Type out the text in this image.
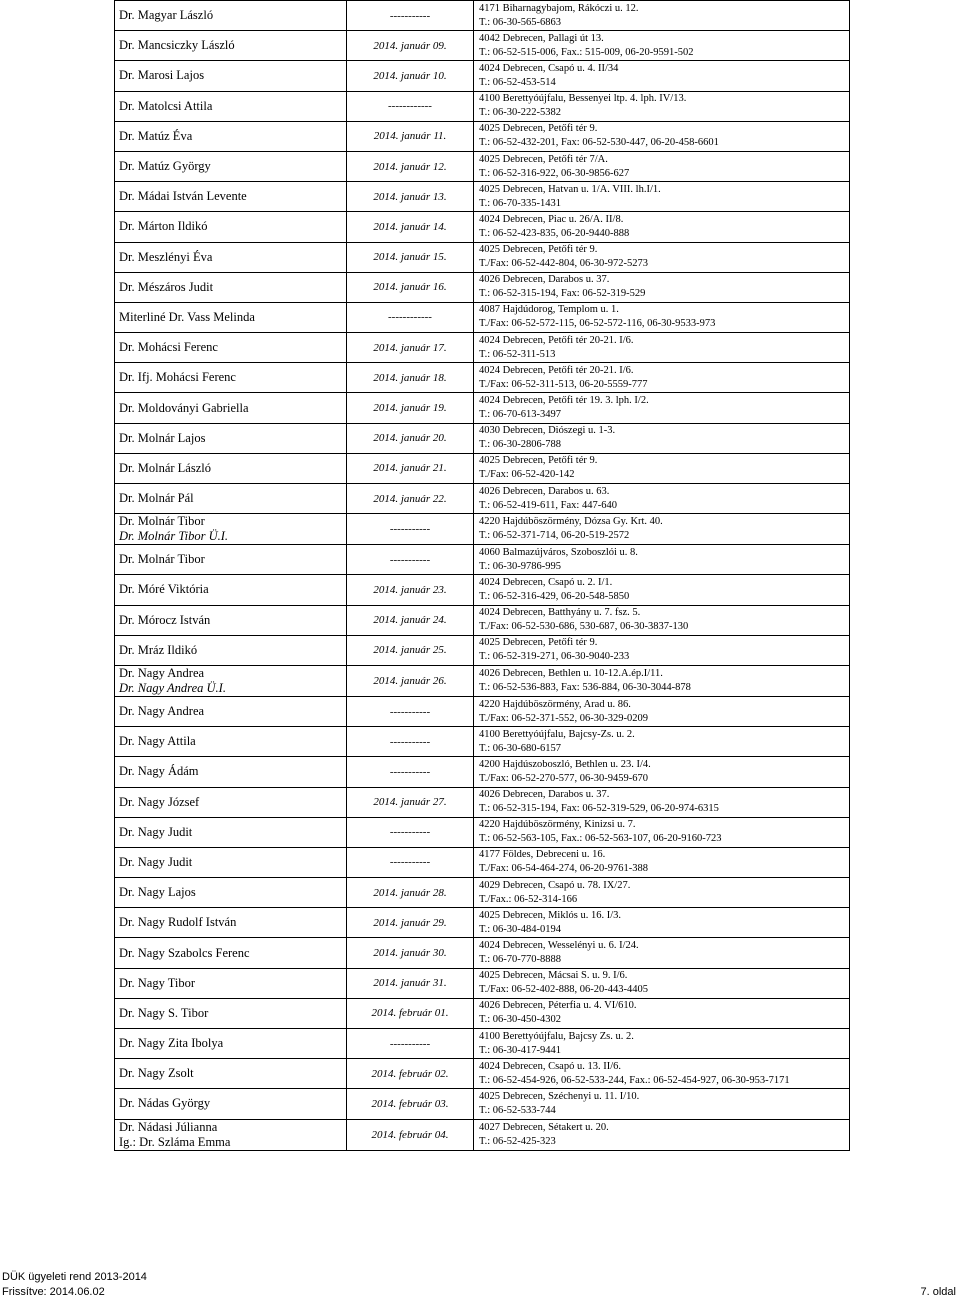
Dr. Magyar László	-----------	4171 Biharnagybajom, Rákóczi u. 12.
T.: 06-30-565-6863

Dr. Mancsiczky László	2014. január 09.	4042 Debrecen, Pallagi út 13.
T.: 06-52-515-006, Fax.: 515-009, 06-20-9591-502

Dr. Marosi Lajos	2014. január 10.	4024 Debrecen, Csapó u. 4. II/34
T.: 06-52-453-514

Dr. Matolcsi Attila	------------	4100 Berettyóújfalu, Bessenyei ltp. 4. lph. IV/13.
T.: 06-30-222-5382

Dr. Matúz Éva	2014. január 11.	4025 Debrecen, Petőfi tér 9.
T.: 06-52-432-201, Fax: 06-52-530-447, 06-20-458-6601

Dr. Matúz György	2014. január 12.	4025 Debrecen, Petőfi tér 7/A.
T.: 06-52-316-922, 06-30-9856-627

Dr. Mádai István Levente	2014. január 13.	4025 Debrecen, Hatvan u. 1/A. VIII. lh.I/1.
T.: 06-70-335-1431

Dr. Márton Ildikó	2014. január 14.	4024 Debrecen, Piac u. 26/A. II/8.
T.: 06-52-423-835, 06-20-9440-888

Dr. Meszlényi Éva	2014. január 15.	4025 Debrecen, Petőfi tér 9.
T./Fax: 06-52-442-804, 06-30-972-5273

Dr. Mészáros Judit	2014. január 16.	4026 Debrecen, Darabos u. 37.
T.: 06-52-315-194, Fax: 06-52-319-529

Miterliné Dr. Vass Melinda	------------	4087 Hajdúdorog, Templom u. 1.
T./Fax: 06-52-572-115, 06-52-572-116, 06-30-9533-973

Dr. Mohácsi Ferenc	2014. január 17.	4024 Debrecen, Petőfi tér 20-21. I/6.
T.: 06-52-311-513

Dr. Ifj. Mohácsi Ferenc	2014. január 18.	4024 Debrecen, Petőfi tér 20-21. I/6.
T./Fax: 06-52-311-513, 06-20-5559-777

Dr. Moldoványi Gabriella	2014. január 19.	4024 Debrecen, Petőfi tér 19. 3. lph. I/2.
T.: 06-70-613-3497

Dr. Molnár Lajos	2014. január 20.	4030 Debrecen, Diószegi u. 1-3.
T.: 06-30-2806-788

Dr. Molnár László	2014. január 21.	4025 Debrecen, Petőfi tér 9.
T./Fax: 06-52-420-142

Dr. Molnár Pál	2014. január 22.	4026 Debrecen, Darabos u. 63.
T.: 06-52-419-611, Fax: 447-640

Dr. Molnár Tibor
Dr. Molnár Tibor Ü.I.	-----------	4220 Hajdúböszörmény, Dózsa Gy. Krt. 40.
T.: 06-52-371-714, 06-20-519-2572

Dr. Molnár Tibor	-----------	4060 Balmazújváros, Szoboszlói u. 8.
T.: 06-30-9786-995

Dr. Móré Viktória	2014. január 23.	4024 Debrecen, Csapó u. 2. I/1.
T.: 06-52-316-429, 06-20-548-5850

Dr. Mórocz István	2014. január 24.	4024 Debrecen, Batthyány u. 7. fsz. 5.
T./Fax: 06-52-530-686, 530-687, 06-30-3837-130

Dr. Mráz Ildikó	2014. január 25.	4025 Debrecen, Petőfi tér 9.
T.: 06-52-319-271, 06-30-9040-233

Dr. Nagy Andrea
Dr. Nagy Andrea Ü.I.	2014. január 26.	4026 Debrecen, Bethlen u. 10-12.A.ép.I/11.
T.: 06-52-536-883, Fax: 536-884, 06-30-3044-878

Dr. Nagy Andrea	-----------	4220 Hajdúböszörmény, Arad u. 86.
T./Fax: 06-52-371-552, 06-30-329-0209

Dr. Nagy Attila	-----------	4100 Berettyóújfalu, Bajcsy-Zs. u. 2.
T.: 06-30-680-6157

Dr. Nagy Ádám	-----------	4200 Hajdúszoboszló, Bethlen u. 23. I/4.
T./Fax: 06-52-270-577, 06-30-9459-670

Dr. Nagy József	2014. január 27.	4026 Debrecen, Darabos u. 37.
T.: 06-52-315-194, Fax: 06-52-319-529, 06-20-974-6315

Dr. Nagy Judit	-----------	4220 Hajdúböszörmény, Kinizsi u. 7.
T.: 06-52-563-105, Fax.: 06-52-563-107, 06-20-9160-723

Dr. Nagy Judit	-----------	4177 Földes, Debreceni u. 16.
T./Fax: 06-54-464-274, 06-20-9761-388

Dr. Nagy Lajos	2014. január 28.	4029 Debrecen, Csapó u. 78. IX/27.
T./Fax.: 06-52-314-166

Dr. Nagy Rudolf István	2014. január 29.	4025 Debrecen, Miklós u. 16. I/3.
T.: 06-30-484-0194

Dr. Nagy Szabolcs Ferenc	2014. január 30.	4024 Debrecen, Wesselényi u. 6. I/24.
T.: 06-70-770-8888

Dr. Nagy Tibor	2014. január 31.	4025 Debrecen, Mácsai S. u. 9. I/6.
T./Fax: 06-52-402-888, 06-20-443-4405

Dr. Nagy S. Tibor	2014. február 01.	4026 Debrecen, Péterfia u. 4. VI/610.
T.: 06-30-450-4302

Dr. Nagy Zita Ibolya	-----------	4100 Berettyóújfalu, Bajcsy Zs. u. 2.
T.: 06-30-417-9441

Dr. Nagy Zsolt	2014. február 02.	4024 Debrecen, Csapó u. 13. II/6.
T.: 06-52-454-926, 06-52-533-244, Fax.: 06-52-454-927, 06-30-953-7171

Dr. Nádas György	2014. február 03.	4025 Debrecen, Széchenyi u. 11. I/10.
T.: 06-52-533-744

Dr. Nádasi Júlianna
Ig.: Dr. Szláma Emma	2014. február 04.	4027 Debrecen, Sétakert u. 20.
T.: 06-52-425-323
DÜK ügyeleti rend 2013-2014
Frissítve: 2014.06.02	7. oldal
